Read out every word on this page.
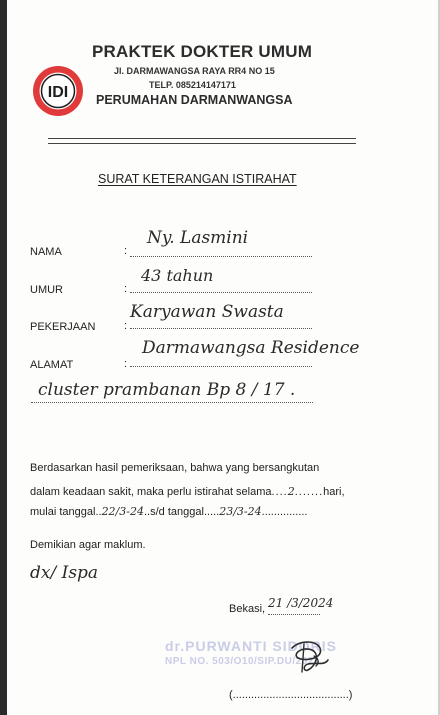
IDI
PRAKTEK DOKTER UMUM
Jl. DARMAWANGSA RAYA RR4 NO 15
TELP. 085214147171
PERUMAHAN DARMANWANGSA
SURAT KETERANGAN ISTIRAHAT
NAMA	:
Ny. Lasmini
UMUR	:
43 tahun
PEKERJAAN	:
Karyawan Swasta
ALAMAT	:
Darmawangsa Residence
cluster prambanan Bp 8 / 17 .
Berdasarkan hasil pemeriksaan, bahwa yang bersangkutan
dalam keadaan sakit, maka perlu istirahat selama....2.......hari,
mulai tanggal..22/3-24..s/d tanggal.....23/3-24...............
Demikian agar maklum.
dx/ Ispa
Bekasi, 21 /3/2024
dr.PURWANTI SIDORIS
NPL NO. 503/O10/SIP.DU/2021
(......................................)
